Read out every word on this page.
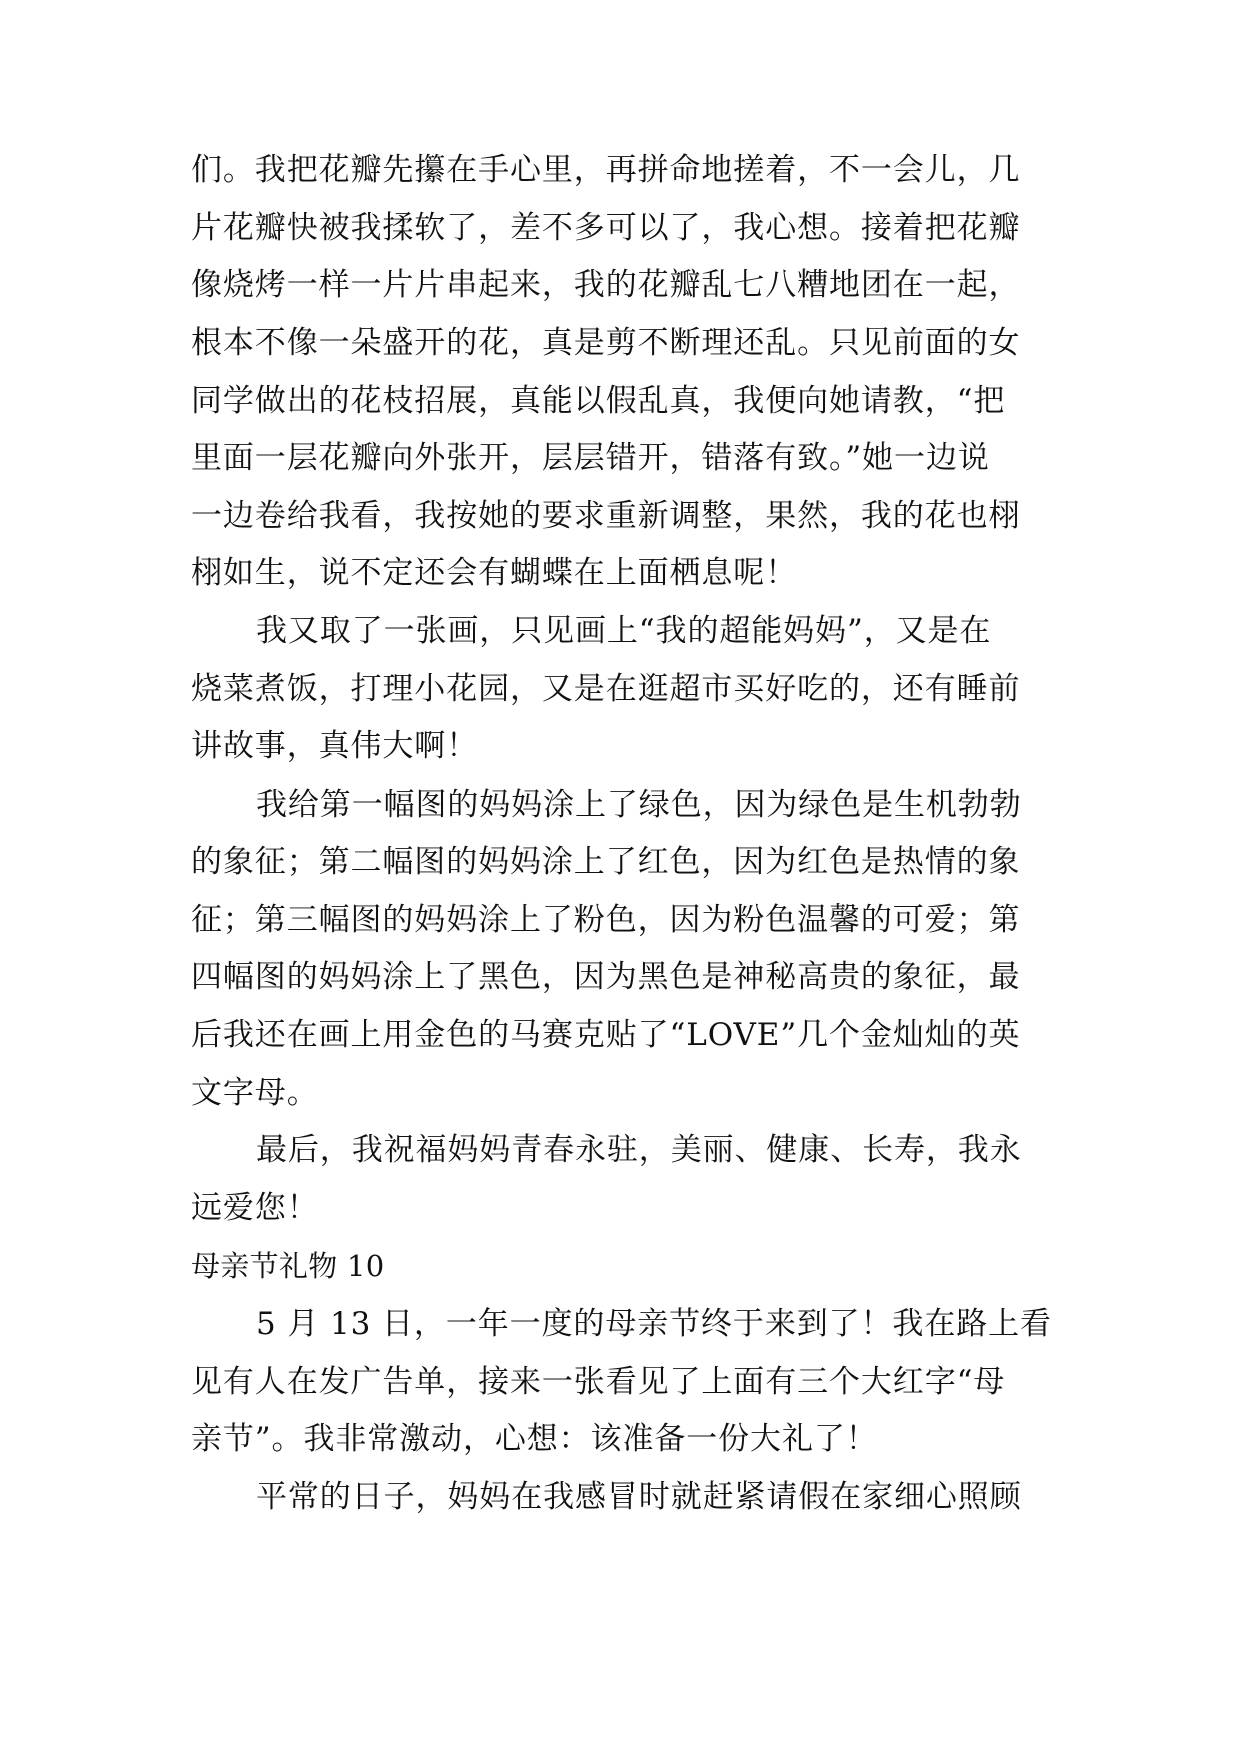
们。我把花瓣先攥在手心里，再拼命地搓着，不一会儿，几
片花瓣快被我揉软了，差不多可以了，我心想。接着把花瓣
像烧烤一样一片片串起来，我的花瓣乱七八糟地团在一起，
根本不像一朵盛开的花，真是剪不断理还乱。只见前面的女
同学做出的花枝招展，真能以假乱真，我便向她请教，“把
里面一层花瓣向外张开，层层错开，错落有致。”她一边说
一边卷给我看，我按她的要求重新调整，果然，我的花也栩
栩如生，说不定还会有蝴蝶在上面栖息呢！
我又取了一张画，只见画上“我的超能妈妈”，又是在
烧菜煮饭，打理小花园，又是在逛超市买好吃的，还有睡前
讲故事，真伟大啊！
我给第一幅图的妈妈涂上了绿色，因为绿色是生机勃勃
的象征；第二幅图的妈妈涂上了红色，因为红色是热情的象
征；第三幅图的妈妈涂上了粉色，因为粉色温馨的可爱；第
四幅图的妈妈涂上了黑色，因为黑色是神秘高贵的象征，最
后我还在画上用金色的马赛克贴了“LOVE”几个金灿灿的英
文字母。
最后，我祝福妈妈青春永驻，美丽、健康、长寿，我永
远爱您！
母亲节礼物 10
5 月 13 日，一年一度的母亲节终于来到了！我在路上看
见有人在发广告单，接来一张看见了上面有三个大红字“母
亲节”。我非常激动，心想：该准备一份大礼了！
平常的日子，妈妈在我感冒时就赶紧请假在家细心照顾
